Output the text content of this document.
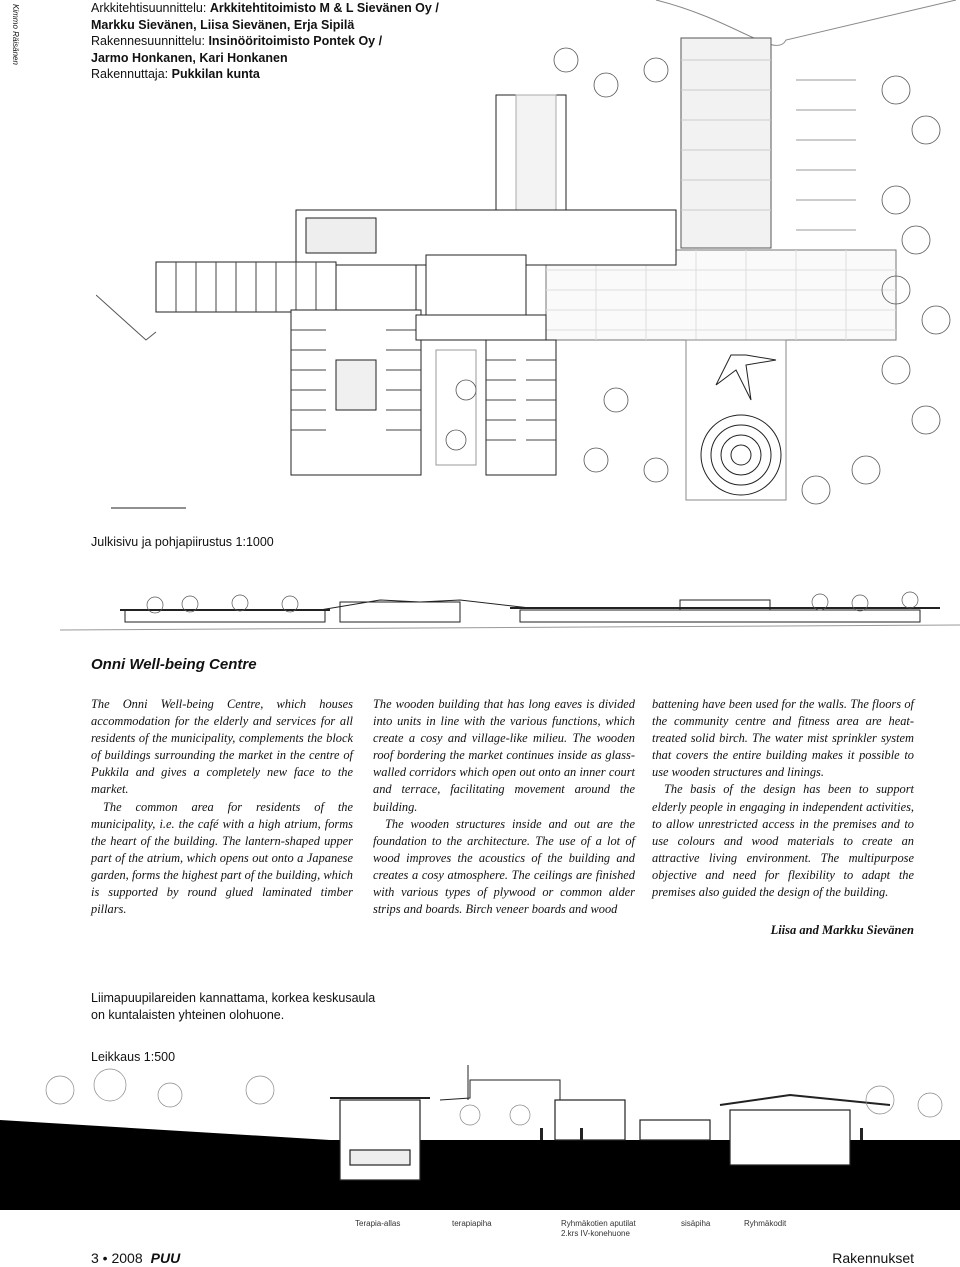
Kimmo Räisänen	Arkkitehtisuunnittelu: Arkkitehtitoimisto M & L Sievänen Oy /
Markku Sievänen, Liisa Sievänen, Erja Sipilä
Rakennesuunnittelu: Insinööritoimisto Pontek Oy /
Jarmo Honkanen, Kari Honkanen
Rakennuttaja: Pukkilan kunta
Julkisivu ja pohjapiirustus 1:1000
Onni Well-being Centre

The Onni Well-being Centre, which houses accommodation for the elderly and services for all residents of the municipality, complements the block of buildings surrounding the market in the centre of Pukkila and gives a completely new face to the market.

The common area for residents of the municipality, i.e. the café with a high atrium, forms the heart of the building. The lantern-shaped upper part of the atrium, which opens out onto a Japanese garden, forms the highest part of the building, which is supported by round glued laminated timber pillars.

The wooden building that has long eaves is divided into units in line with the various functions, which create a cosy and village-like milieu. The wooden roof bordering the market continues inside as glass-walled corridors which open out onto an inner court and terrace, facilitating movement around the building.

The wooden structures inside and out are the foundation to the architecture. The use of a lot of wood improves the acoustics of the building and creates a cosy atmosphere. The ceilings are finished with various types of plywood or common alder strips and boards. Birch veneer boards and wood

battening have been used for the walls. The floors of the community centre and fitness area are heat-treated solid birch. The water mist sprinkler system that covers the entire building makes it possible to use wooden structures and linings.

The basis of the design has been to support elderly people in engaging in independent activities, to allow unrestricted access in the premises and to use colours and wood materials to create an attractive living environment. The multipurpose objective and need for flexibility to adapt the premises also guided the design of the building.

Liisa and Markku Sievänen
Liimapuupilareiden kannattama, korkea keskusaula on kuntalaisten yhteinen olohuone.
Leikkaus 1:500
Terapia-allas	terapiapiha	Ryhmäkotien aputilat
2.krs IV-konehuone
sisäpiha	Ryhmäkodit
3 • 2008 PUU	Rakennukset
